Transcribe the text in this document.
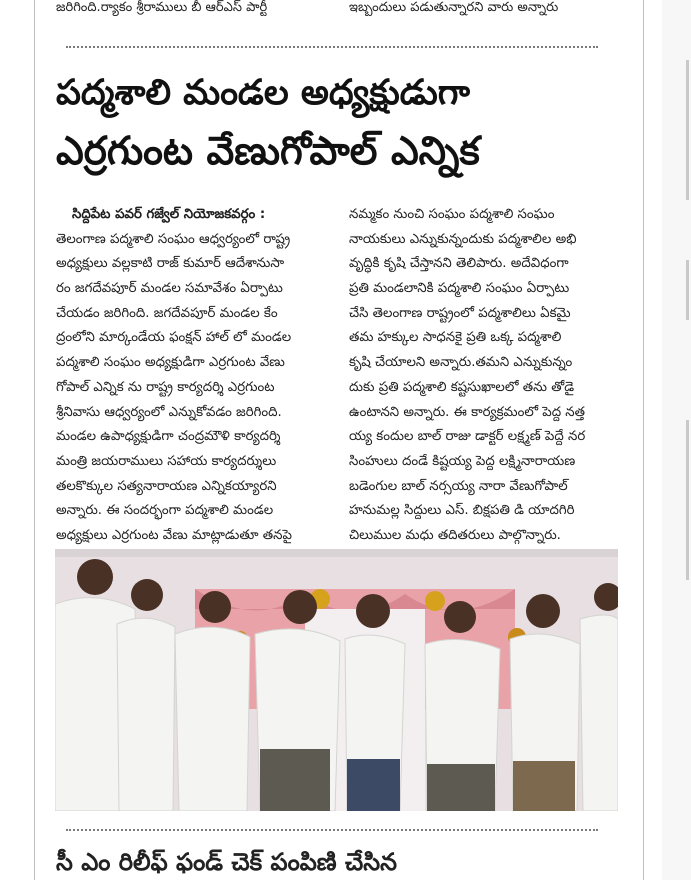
జరిగింది.ర్యాకం శ్రీరాములు బీ ఆర్ఎస్ పార్టీ	ఇబ్బందులు పడుతున్నారని వారు అన్నారు
పద్మశాలి మండల అధ్యక్షుడుగా
ఎర్రగుంట వేణుగోపాల్ ఎన్నిక
సిద్దిపేట పవర్ గజ్వేల్ నియోజకవర్గం :
తెలంగాణ పద్మశాలి సంఘం ఆధ్వర్యంలో రాష్ట్ర
అధ్యక్షులు వల్లకాటి రాజ్ కుమార్ ఆదేశానుసా
రం జగదేవపూర్ మండల సమావేశం ఏర్పాటు
చేయడం జరిగింది. జగదేవపూర్ మండల కేం
ద్రంలోని మార్కండేయ ఫంక్షన్ హాల్ లో మండల
పద్మశాలి సంఘం అధ్యక్షుడిగా ఎర్రగుంట వేణు
గోపాల్ ఎన్నిక ను రాష్ట్ర కార్యదర్శి ఎర్రగుంట
శ్రీనివాసు ఆధ్వర్యంలో ఎన్నుకోవడం జరిగింది.
మండల ఉపాధ్యక్షుడిగా చంద్రమౌళి కార్యదర్శి
మంత్రి జయరాములు సహాయ కార్యదర్శులు
తలకొక్కుల సత్యనారాయణ ఎన్నికయ్యారని
అన్నారు. ఈ సందర్భంగా పద్మశాలి మండల
అధ్యక్షులు ఎర్రగుంట వేణు మాట్లాడుతూ తనపై
నమ్మకం నుంచి సంఘం పద్మశాలి సంఘం
నాయకులు ఎన్నుకున్నందుకు పద్మశాలిల అభి
వృద్ధికి కృషి చేస్తానని తెలిపారు. అదేవిధంగా
ప్రతి మండలానికి పద్మశాలి సంఘం ఏర్పాటు
చేసి తెలంగాణ రాష్ట్రంలో పద్మశాలిలు ఏకమై
తమ హక్కుల సాధనకై ప్రతి ఒక్క పద్మశాలి
కృషి చేయాలని అన్నారు.తమని ఎన్నుకున్నం
దుకు ప్రతి పద్మశాలి కష్టసుఖాలలో తను తోడై
ఉంటానని అన్నారు. ఈ కార్యక్రమంలో పెద్ద నత్త
య్య కందుల బాల్ రాజు డాక్టర్ లక్ష్మణ్ పెద్దే నర
సింహులు దండే కిష్టయ్య పెద్ద లక్ష్మినారాయణ
బడెంగుల బాల్ నర్సయ్య నారా వేణుగోపాల్
హనుమల్ల సిద్దులు ఎస్. బిక్షపతి డి యాదగిరి
చిలుముల మధు తదితరులు పాల్గొన్నారు.
సీ ఎం రిలీఫ్ ఫండ్ చెక్ పంపిణి చేసిన
